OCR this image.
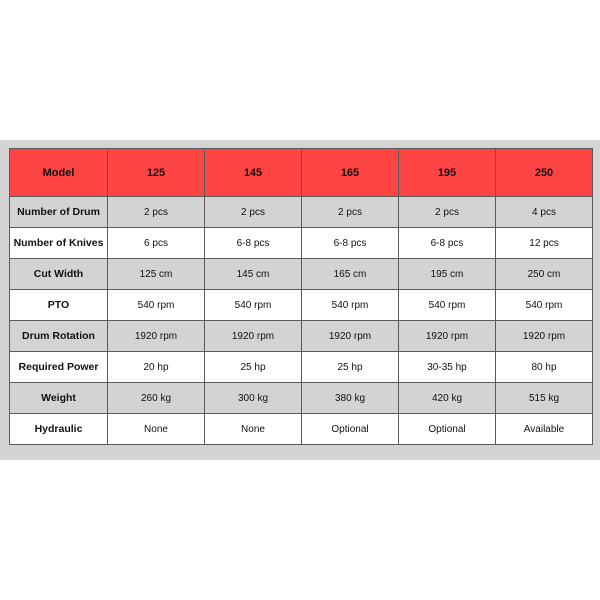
Model	125	145	165	195	250
Number of Drum	2 pcs	2 pcs	2 pcs	2 pcs	4 pcs
Number of Knives	6 pcs	6-8 pcs	6-8 pcs	6-8 pcs	12 pcs
Cut Width	125 cm	145 cm	165 cm	195 cm	250 cm
PTO	540 rpm	540 rpm	540 rpm	540 rpm	540 rpm
Drum Rotation	1920 rpm	1920 rpm	1920 rpm	1920 rpm	1920 rpm
Required Power	20 hp	25 hp	25 hp	30-35 hp	80 hp
Weight	260 kg	300 kg	380 kg	420 kg	515 kg
Hydraulic	None	None	Optional	Optional	Available
